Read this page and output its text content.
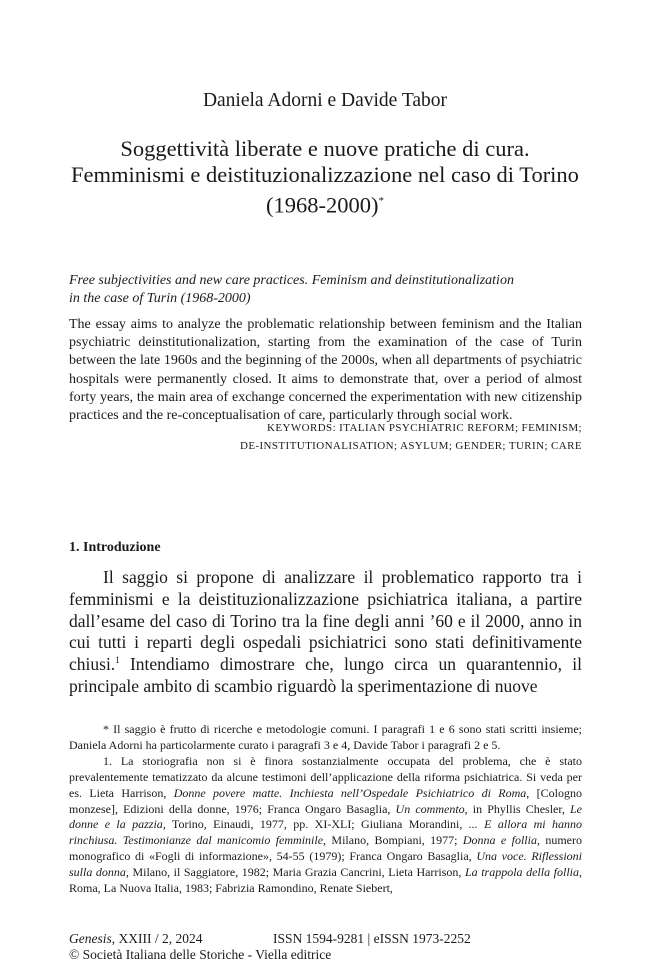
Daniela Adorni e Davide Tabor
Soggettività liberate e nuove pratiche di cura.
Femminismi e deistituzionalizzazione nel caso di Torino
(1968-2000)*
Free subjectivities and new care practices. Feminism and deinstitutionalization
in the case of Turin (1968-2000)

The essay aims to analyze the problematic relationship between feminism and the Italian psychiatric deinstitutionalization, starting from the examination of the case of Turin between the late 1960s and the beginning of the 2000s, when all departments of psychiatric hospitals were permanently closed. It aims to demonstrate that, over a period of almost forty years, the main area of exchange concerned the experimentation with new citizenship practices and the re-conceptualisation of care, particularly through social work.

KEYWORDS: ITALIAN PSYCHIATRIC REFORM; FEMINISM;
DE-INSTITUTIONALISATION; ASYLUM; GENDER; TURIN; CARE
1. Introduzione

Il saggio si propone di analizzare il problematico rapporto tra i femminismi e la deistituzionalizzazione psichiatrica italiana, a partire dall’esame del caso di Torino tra la fine degli anni ’60 e il 2000, anno in cui tutti i reparti degli ospedali psichiatrici sono stati definitivamente chiusi.$^1$ Intendiamo dimostrare che, lungo circa un quarantennio, il principale ambito di scambio riguardò la sperimentazione di nuove

* Il saggio è frutto di ricerche e metodologie comuni. I paragrafi 1 e 6 sono stati scritti insieme; Daniela Adorni ha particolarmente curato i paragrafi 3 e 4, Davide Tabor i paragrafi 2 e 5.

1. La storiografia non si è finora sostanzialmente occupata del problema, che è stato prevalentemente tematizzato da alcune testimoni dell’applicazione della riforma psichiatrica. Si veda per es. Lieta Harrison, Donne povere matte. Inchiesta nell’Ospedale Psichiatrico di Roma, [Cologno monzese], Edizioni della donne, 1976; Franca Ongaro Basaglia, Un commento, in Phyllis Chesler, Le donne e la pazzia, Torino, Einaudi, 1977, pp. XI-XLI; Giuliana Morandini, ... E allora mi hanno rinchiusa. Testimonianze dal manicomio femminile, Milano, Bompiani, 1977; Donna e follia, numero monografico di «Fogli di informazione», 54-55 (1979); Franca Ongaro Basaglia, Una voce. Riflessioni sulla donna, Milano, il Saggiatore, 1982; Maria Grazia Cancrini, Lieta Harrison, La trappola della follia, Roma, La Nuova Italia, 1983; Fabrizia Ramondino, Renate Siebert,

Genesis, XXIII / 2, 2024	ISSN 1594-9281 | eISSN 1973-2252
© Società Italiana delle Storiche - Viella editrice
